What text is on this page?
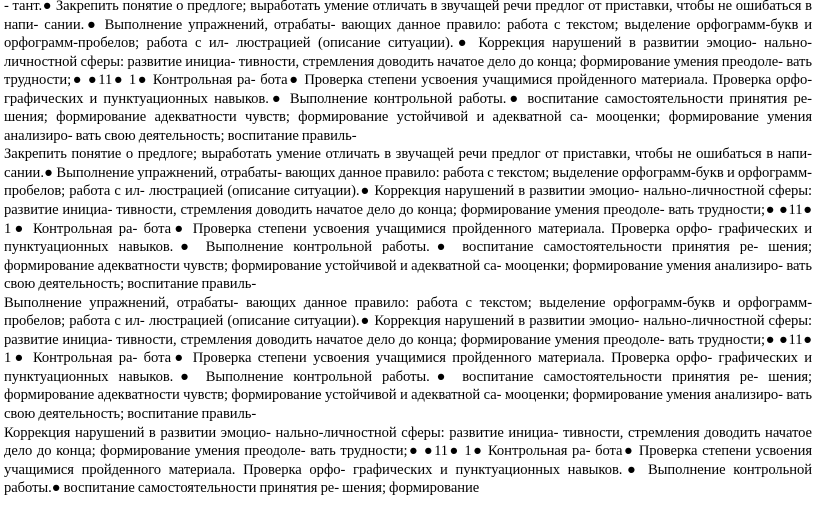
- тант.● Закрепить понятие о предлоге; выработать умение отличать в звучащей речи предлог от приставки, чтобы не ошибаться в напи- сании.● Выполнение упражнений, отрабаты- вающих данное правило: работа с текстом; выделение орфограмм-букв и орфограмм-пробелов; работа с ил- люстрацией (описание ситуации).● Коррекция нарушений в развитии эмоцио- нально-личностной сферы: развитие инициа- тивности, стремления доводить начатое дело до конца; формирование умения преодоле- вать трудности;● ●11● 1● Контрольная ра- бота● Проверка степени усвоения учащимися пройденного материала. Проверка орфо- графических и пунктуационных навыков.● Выполнение контрольной работы.● воспитание самостоятельности принятия ре- шения; формирование адекватности чувств; формирование устойчивой и адекватной са- мооценки; формирование умения анализиро- вать свою деятельность; воспитание правиль-

Закрепить понятие о предлоге; выработать умение отличать в звучащей речи предлог от приставки, чтобы не ошибаться в напи- сании.● Выполнение упражнений, отрабаты- вающих данное правило: работа с текстом; выделение орфограмм-букв и орфограмм-пробелов; работа с ил- люстрацией (описание ситуации).● Коррекция нарушений в развитии эмоцио- нально-личностной сферы: развитие инициа- тивности, стремления доводить начатое дело до конца; формирование умения преодоле- вать трудности;● ●11● 1● Контрольная ра- бота● Проверка степени усвоения учащимися пройденного материала. Проверка орфо- графических и пунктуационных навыков.● Выполнение контрольной работы.● воспитание самостоятельности принятия ре- шения; формирование адекватности чувств; формирование устойчивой и адекватной са- мооценки; формирование умения анализиро- вать свою деятельность; воспитание правиль-

Выполнение упражнений, отрабаты- вающих данное правило: работа с текстом; выделение орфограмм-букв и орфограмм-пробелов; работа с ил- люстрацией (описание ситуации).● Коррекция нарушений в развитии эмоцио- нально-личностной сферы: развитие инициа- тивности, стремления доводить начатое дело до конца; формирование умения преодоле- вать трудности;● ●11● 1● Контрольная ра- бота● Проверка степени усвоения учащимися пройденного материала. Проверка орфо- графических и пунктуационных навыков.● Выполнение контрольной работы.● воспитание самостоятельности принятия ре- шения; формирование адекватности чувств; формирование устойчивой и адекватной са- мооценки; формирование умения анализиро- вать свою деятельность; воспитание правиль-

Коррекция нарушений в развитии эмоцио- нально-личностной сферы: развитие инициа- тивности, стремления доводить начатое дело до конца; формирование умения преодоле- вать трудности;● ●11● 1● Контрольная ра- бота● Проверка степени усвоения учащимися пройденного материала. Проверка орфо- графических и пунктуационных навыков.● Выполнение контрольной работы.● воспитание самостоятельности принятия ре- шения; формирование
